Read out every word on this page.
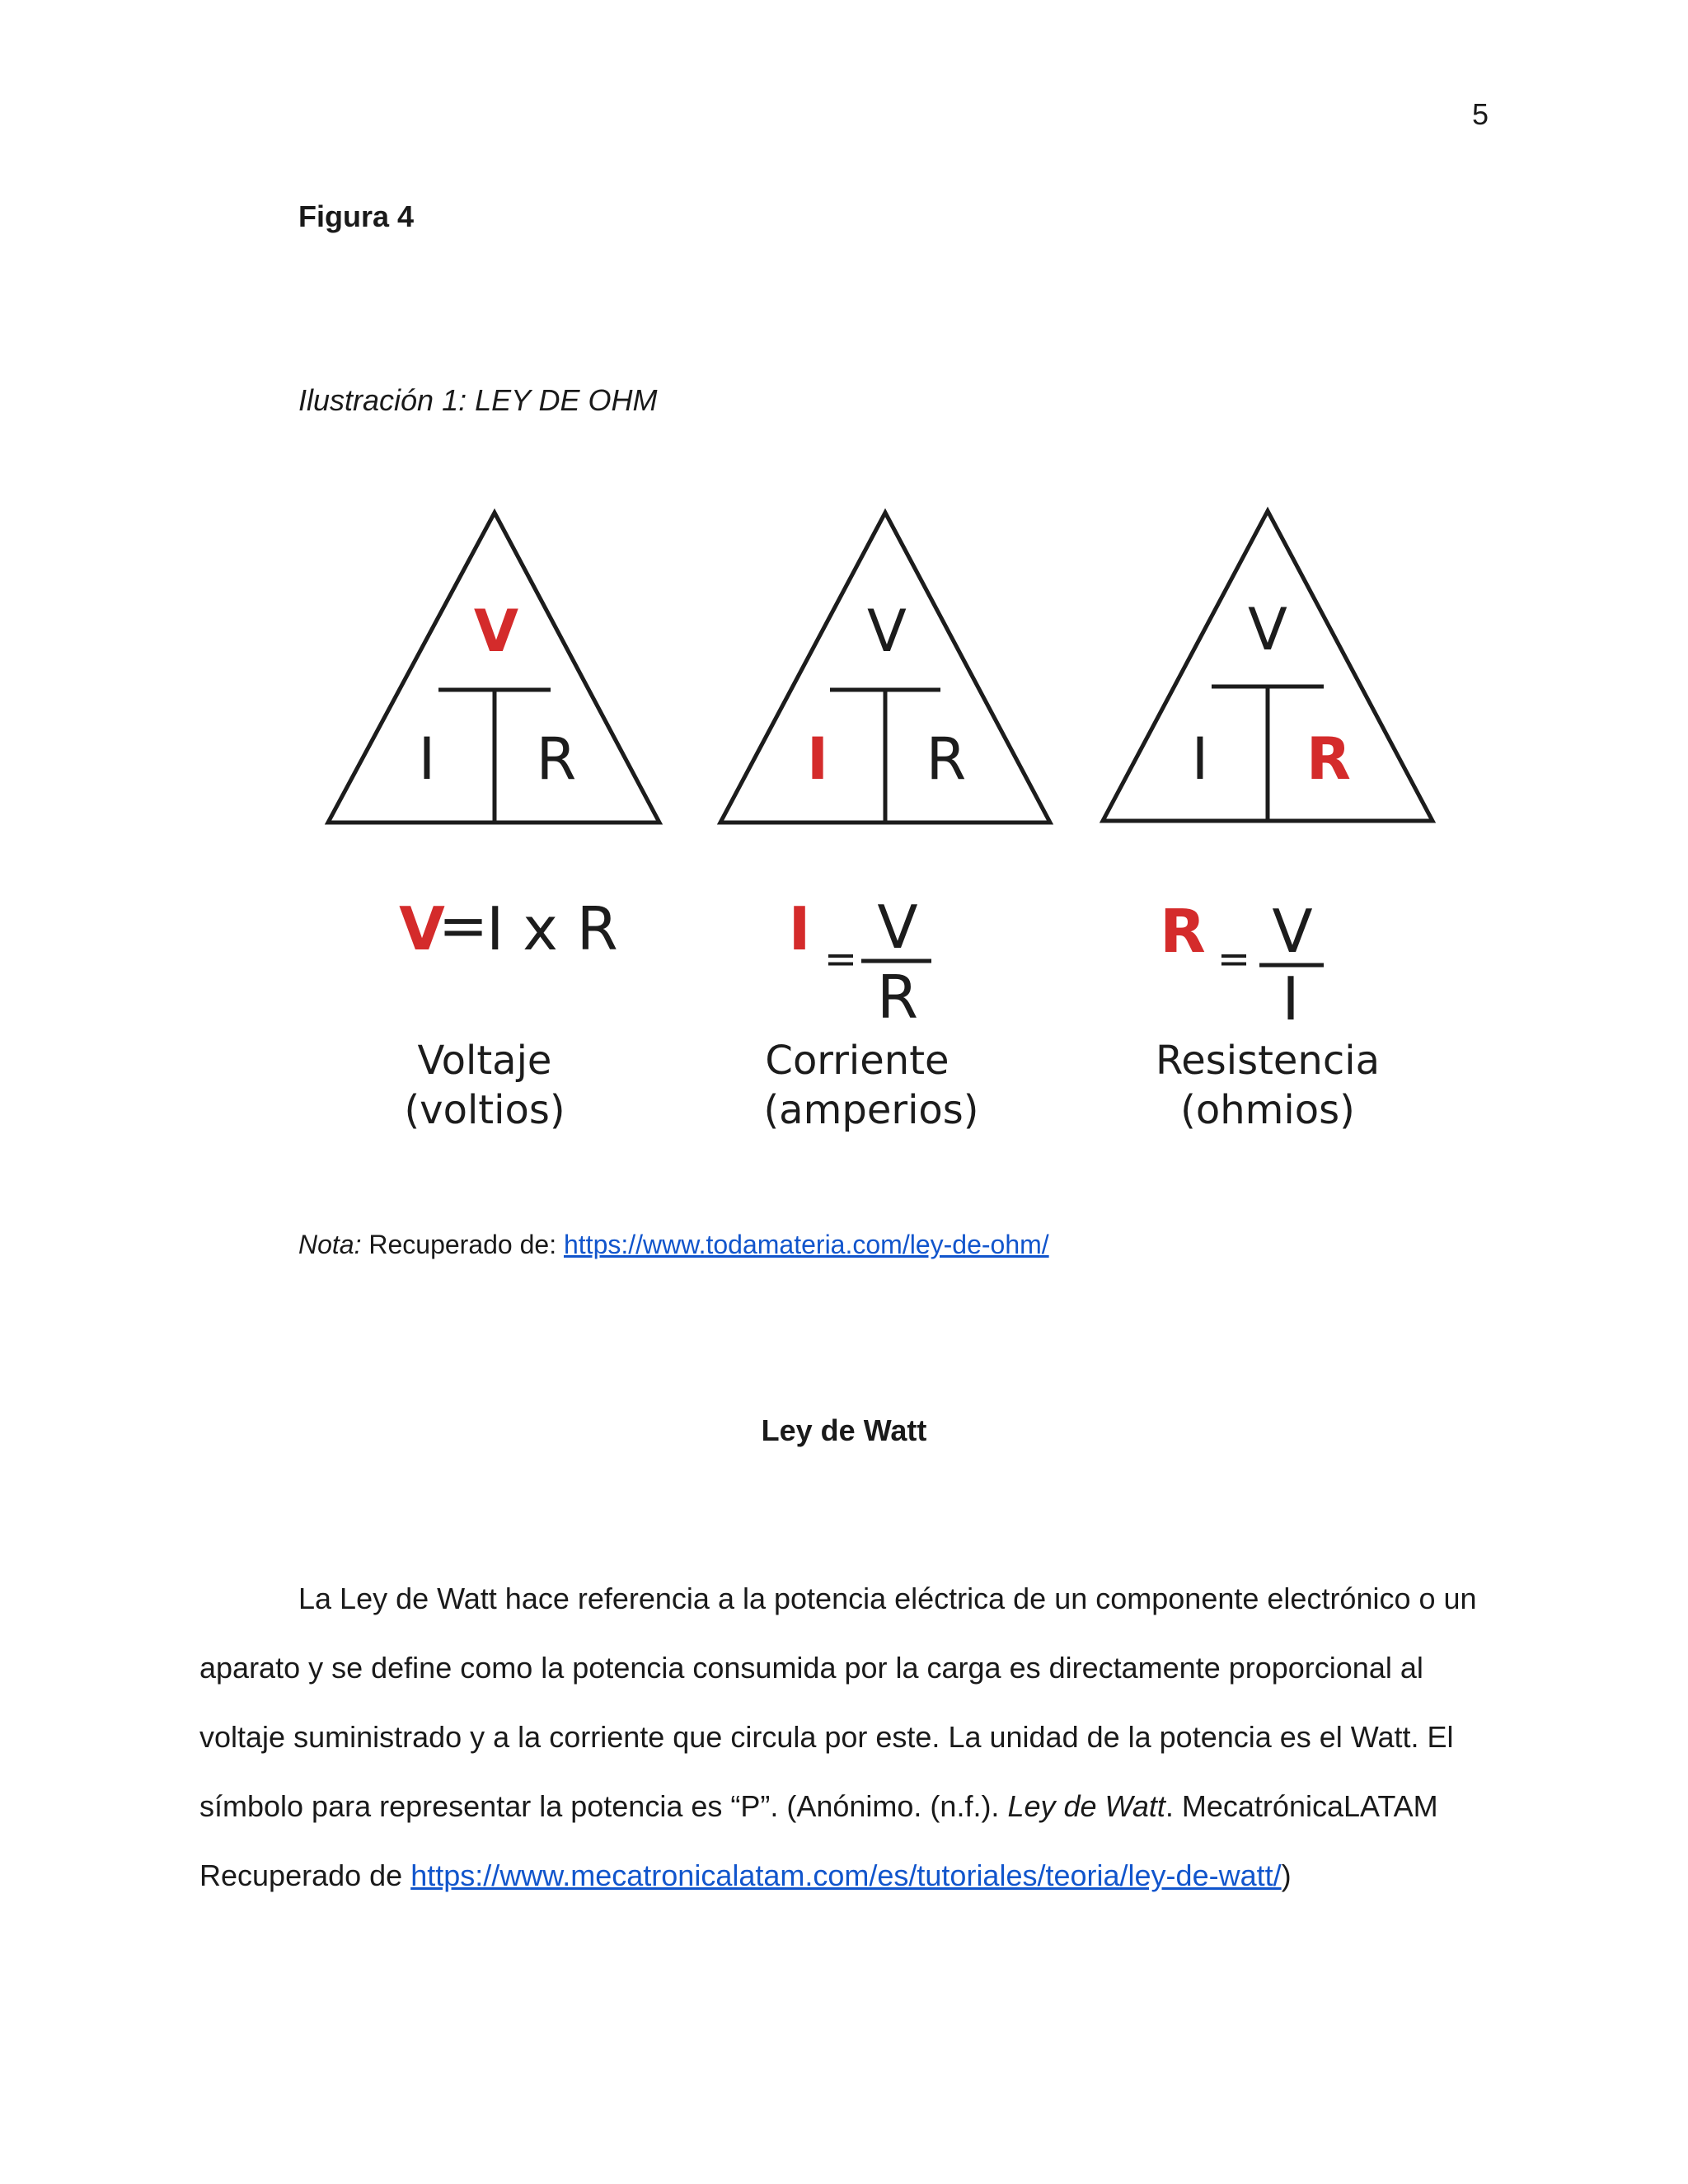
5
Figura 4
Ilustración 1: LEY DE OHM
V
I R
V
I R
V
I R
V
=
I x R	I = V
R
R = V
I
Voltaje
(voltios)
Corriente
(amperios)
Resistencia
(ohmios)
Nota: Recuperado de: https://www.todamateria.com/ley-de-ohm/
Ley de Watt

La Ley de Watt hace referencia a la potencia eléctrica de un componente electrónico o un aparato y se define como la potencia consumida por la carga es directamente proporcional al voltaje suministrado y a la corriente que circula por este. La unidad de la potencia es el Watt. El símbolo para representar la potencia es “P”. (Anónimo. (n.f.). Ley de Watt. MecatrónicaLATAM Recuperado de https://www.mecatronicalatam.com/es/tutoriales/teoria/ley-de-watt/)
